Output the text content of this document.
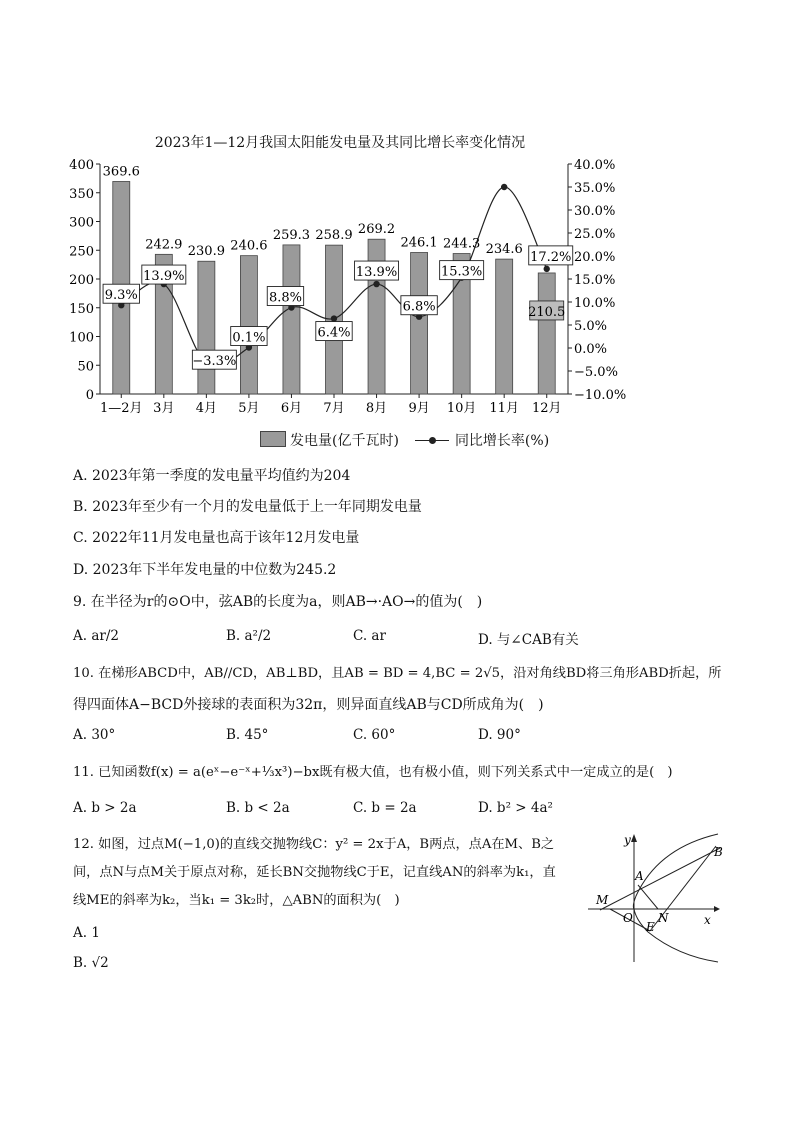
2023年1—12月我国太阳能发电量及其同比增长率变化情况
0
50
100
150
200
250
300
350
400
−10.0%
−5.0%
0.0%
5.0%
10.0%
15.0%
20.0%
25.0%
30.0%
35.0%
40.0%
1—2月 3月 4月 5月 6月 7月 8月 9月 10月 11月 12月
369.6
242.9 230.9 240.6
259.3 258.9 269.2
246.1 244.3 234.6
210.5
9.3%
13.9%
−3.3%
0.1%
8.8%
6.4%
13.9%
6.8%
15.3%
17.2%
发电量(亿千瓦时)	同比增长率(%)
A. 2023年第一季度的发电量平均值约为204
B. 2023年至少有一个月的发电量低于上一年同期发电量
C. 2022年11月发电量也高于该年12月发电量
D. 2023年下半年发电量的中位数为245.2
9. 在半径为r的⊙O中，弦AB的长度为a，则AB→·AO→的值为(　)
A. ar/2	B. a²/2	C. ar	D. 与∠CAB有关
10. 在梯形ABCD中，AB//CD，AB⊥BD，且AB = BD = 4,BC = 2√5，沿对角线BD将三角形ABD折起，所
得四面体A−BCD外接球的表面积为32π，则异面直线AB与CD所成角为(　)
A. 30°	B. 45°	C. 60°	D. 90°
11. 已知函数f(x) = a(eˣ−e⁻ˣ+⅓x³)−bx既有极大值，也有极小值，则下列关系式中一定成立的是(　)
A. b > 2a	B. b < 2a	C. b = 2a	D. b² > 4a²
12. 如图，过点M(−1,0)的直线交抛物线C：y² = 2x于A，B两点，点A在M、B之
间，点N与点M关于原点对称，延长BN交抛物线C于E，记直线AN的斜率为k₁，直
线ME的斜率为k₂，当k₁ = 3k₂时，△ABN的面积为(　)
A. 1
B. √2
y
x
B
A
M
O N
E
